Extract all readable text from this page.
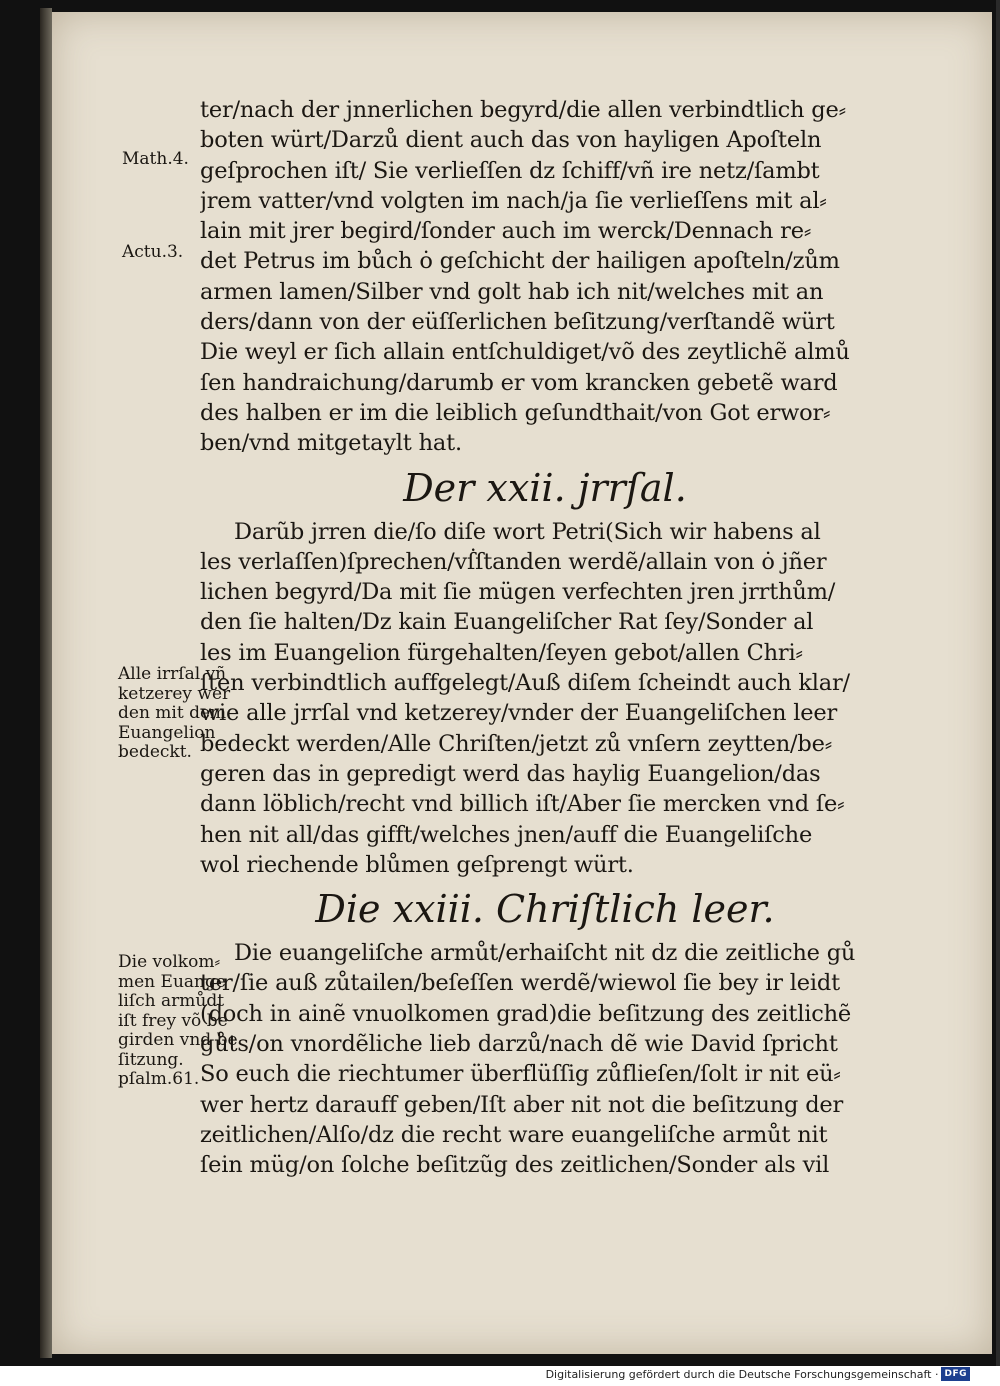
ter/nach der jnnerlichen begyrd/die allen verbindtlich ge⸗
boten würt/Darzů dient auch das von hayligen Apoſteln
geſprochen iſt/ Sie verlieſſen dz ſchiff/vñ ire netz/ſambt
jrem vatter/vnd volgten im nach/ja ſie verlieſſens mit al⸗
lain mit jrer begird/ſonder auch im werck/Dennach re⸗
det Petrus im bůch ȯ geſchicht der hailigen apoſteln/zům
armen lamen/Silber vnd golt hab ich nit/welches mit an
ders/dann von der eüſſerlichen beſitzung/verſtandẽ würt
Die weyl er ſich allain entſchuldiget/võ des zeytlichẽ almů
ſen handraichung/darumb er vom krancken gebetẽ ward
des halben er im die leiblich geſundthait/von Got erwor⸗
ben/vnd mitgetaylt hat.
Der xxii. jrrſal.
Darũb jrren die/ſo diſe wort Petri(Sich wir habens al
les verlaſſen)ſprechen/vẛſtanden werdẽ/allain von ȯ jñer
lichen begyrd/Da mit ſie mügen verfechten jren jrrthům/
den ſie halten/Dz kain Euangeliſcher Rat ſey/Sonder al
les im Euangelion fürgehalten/ſeyen gebot/allen Chri⸗
ſten verbindtlich auffgelegt/Auß diſem ſcheindt auch klar/
wie alle jrrſal vnd ketzerey/vnder der Euangeliſchen leer
bedeckt werden/Alle Chriſten/jetzt zů vnſern zeytten/be⸗
geren das in gepredigt werd das haylig Euangelion/das
dann löblich/recht vnd billich iſt/Aber ſie mercken vnd ſe⸗
hen nit all/das gifft/welches jnen/auff die Euangeliſche
wol riechende blůmen geſprengt würt.
Die xxiii. Chriſtlich leer.
Die euangeliſche armůt/erhaiſcht nit dz die zeitliche gů
ter/ſie auß zůtailen/beſeſſen werdẽ/wiewol ſie bey ir leidt
(doch in ainẽ vnuolkomen grad)die beſitzung des zeitlichẽ
gůts/on vnordẽliche lieb darzů/nach dẽ wie David ſpricht
So euch die riechtumer überflüſſig zůflieſen/ſolt ir nit eü⸗
wer hertz darauff geben/Iſt aber nit not die beſitzung der
zeitlichen/Alſo/dz die recht ware euangeliſche armůt nit
ſein müg/on ſolche beſitzũg des zeitlichen/Sonder als vil
Math.4.
Actu.3.
Alle irrſal vñ
ketzerey wer
den mit dem
Euangelion
bedeckt.
Die volkom⸗
men Euange
liſch armůdt
iſt frey võ be
girden vnd be
ſitzung.
pſalm.61.
Digitalisierung gefördert durch die Deutsche Forschungsgemeinschaft · DFG
